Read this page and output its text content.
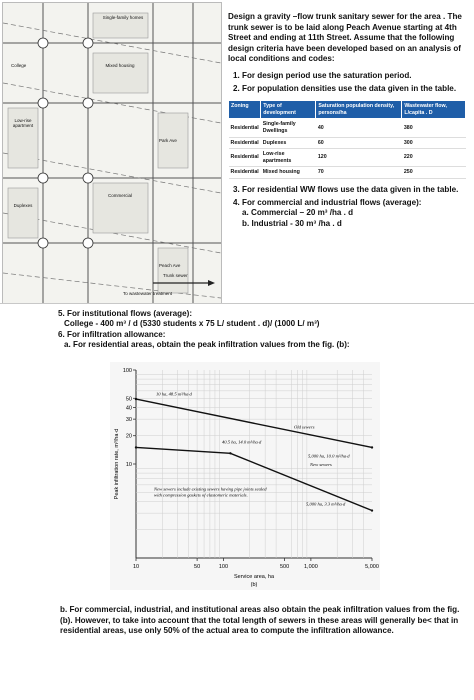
Single-family homes
Mixed housing
Commercial
Low-rise apartment
Duplexes
Park Ave
Peach Ave
Trunk sewer
To wastewater treatment
College

Design a gravity –flow trunk sanitary sewer for the area . The trunk sewer is to be laid along Peach Avenue starting at 4th Street and ending at 11th Street. Assume that the following design criteria have been developed based on an analysis of local conditions and codes:

1. For design period use the saturation period.
2. For population densities use the data given in the table.
Zoning	Type of development	Saturation population density, persons/ha	Wastewater flow, L/capita . D
Residential	Single-family Dwellings	40	380
Residential	Duplexes	60	300
Residential	Low-rise apartments	120	220
Residential	Mixed housing	70	250
3. For residential WW flows use the data given in the table.
4. For commercial and industrial flows (average):
a. Commercial – 20 m³ /ha . d
b. Industrial - 30 m³ /ha . d

5. For institutional flows (average):

College - 400 m³ / d (5330 students x 75 L/ student . d)/ (1000 L/ m³)

6. For infiltration allowance:

a. For residential areas, obtain the peak infiltration values from the fig. (b):

10	50	100	500	1,000	5,000
100
50
40
30
20
10
Service area, ha
(b)
Peak infiltration rate, m³/ha·d
10 ha, 48.5 m³/ha·d
Old sewers
40.5 ha, 14.0 m³/ha·d
5,000 ha, 10.0 m³/ha·d
New sewers
New sewers include existing sewers having pipe joints sealed with compression gaskets of elastomeric materials.
5,000 ha, 3.3 m³/ha·d

b. For commercial, industrial, and institutional areas also obtain the peak infiltration values from the fig. (b). However, to take into account that the total length of sewers in these areas will generally be< that in residential areas, use only 50% of the actual area to compute the infiltration allowance.
